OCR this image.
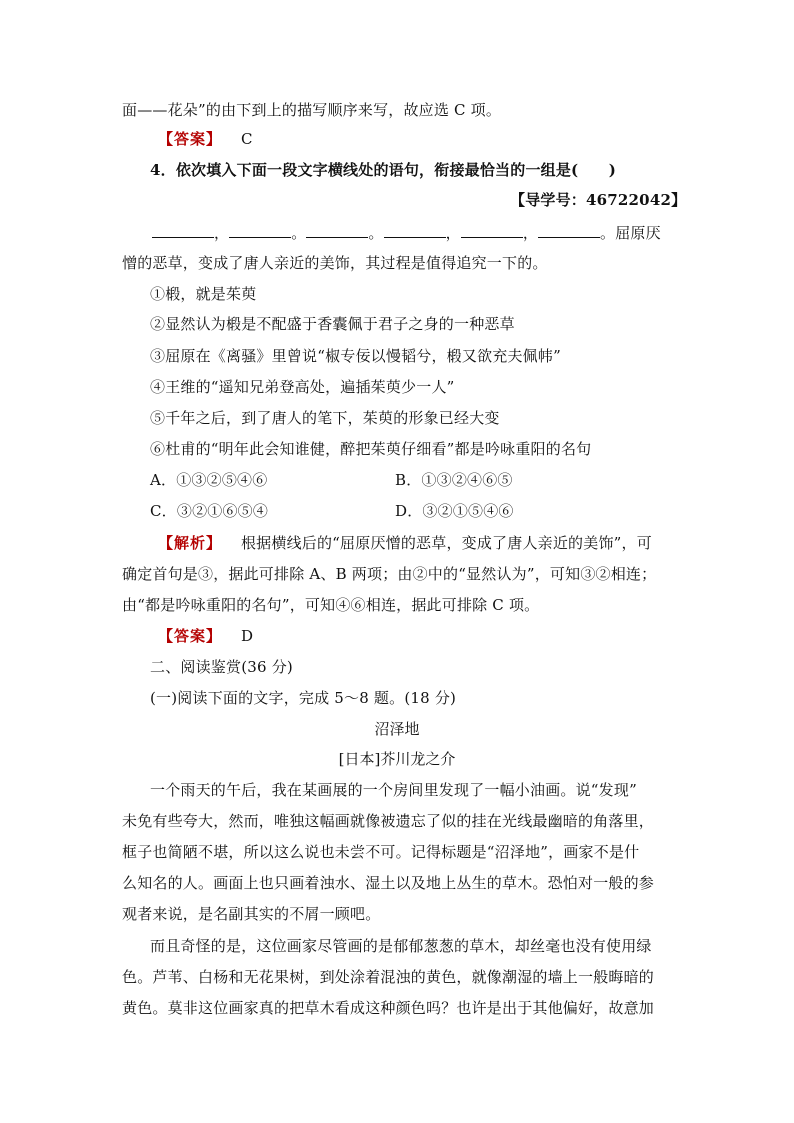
面——花朵”的由下到上的描写顺序来写，故应选 C 项。
【答案】 C
4．依次填入下面一段文字横线处的语句，衔接最恰当的一组是(　　)
【导学号：46722042】
，	。	。	，	，	。屈原厌
憎的恶草，变成了唐人亲近的美饰，其过程是值得追究一下的。
①椴，就是茱萸
②显然认为椴是不配盛于香囊佩于君子之身的一种恶草
③屈原在《离骚》里曾说“椒专佞以慢韬兮，椴又欲充夫佩帏”
④王维的“遥知兄弟登高处，遍插茱萸少一人”
⑤千年之后，到了唐人的笔下，茱萸的形象已经大变
⑥杜甫的“明年此会知谁健，醉把茱萸仔细看”都是吟咏重阳的名句
A．①③②⑤④⑥	B．①③②④⑥⑤
C．③②①⑥⑤④	D．③②①⑤④⑥
【解析】 根据横线后的“屈原厌憎的恶草，变成了唐人亲近的美饰”，可
确定首句是③，据此可排除 A、B 两项；由②中的“显然认为”，可知③②相连；
由“都是吟咏重阳的名句”，可知④⑥相连，据此可排除 C 项。
【答案】 D
二、阅读鉴赏(36 分)
(一)阅读下面的文字，完成 5～8 题。(18 分)
沼泽地
[日本]芥川龙之介
一个雨天的午后，我在某画展的一个房间里发现了一幅小油画。说“发现”
未免有些夸大，然而，唯独这幅画就像被遗忘了似的挂在光线最幽暗的角落里，
框子也简陋不堪，所以这么说也未尝不可。记得标题是“沼泽地”，画家不是什
么知名的人。画面上也只画着浊水、湿土以及地上丛生的草木。恐怕对一般的参
观者来说，是名副其实的不屑一顾吧。
而且奇怪的是，这位画家尽管画的是郁郁葱葱的草木，却丝毫也没有使用绿
色。芦苇、白杨和无花果树，到处涂着混浊的黄色，就像潮湿的墙上一般晦暗的
黄色。莫非这位画家真的把草木看成这种颜色吗？也许是出于其他偏好，故意加
